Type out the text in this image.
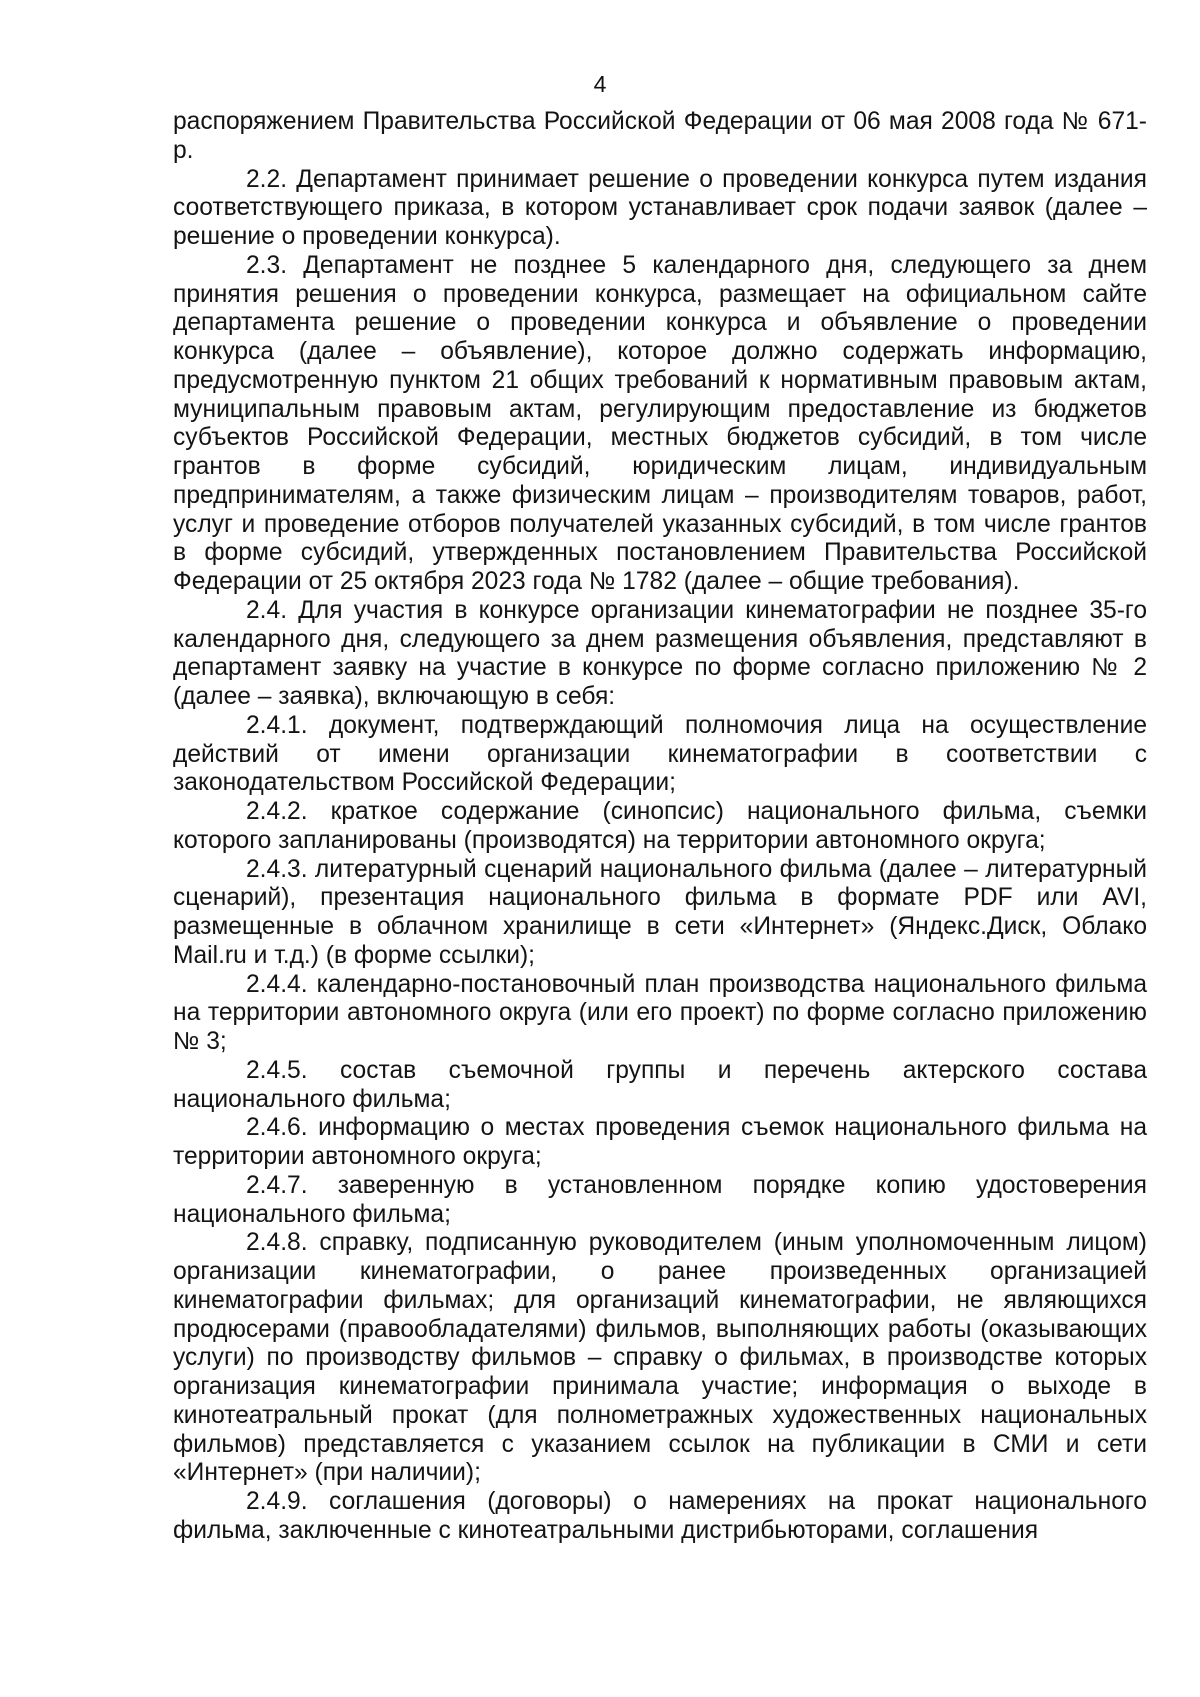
4

распоряжением Правительства Российской Федерации от 06 мая 2008 года № 671-р.

2.2. Департамент принимает решение о проведении конкурса путем издания соответствующего приказа, в котором устанавливает срок подачи заявок (далее – решение о проведении конкурса).

2.3. Департамент не позднее 5 календарного дня, следующего за днем принятия решения о проведении конкурса, размещает на официальном сайте департамента решение о проведении конкурса и объявление о проведении конкурса (далее – объявление), которое должно содержать информацию, предусмотренную пунктом 21 общих требований к нормативным правовым актам, муниципальным правовым актам, регулирующим предоставление из бюджетов субъектов Российской Федерации, местных бюджетов субсидий, в том числе грантов в форме субсидий, юридическим лицам, индивидуальным предпринимателям, а также физическим лицам – производителям товаров, работ, услуг и проведение отборов получателей указанных субсидий, в том числе грантов в форме субсидий, утвержденных постановлением Правительства Российской Федерации от 25 октября 2023 года № 1782 (далее – общие требования).

2.4. Для участия в конкурсе организации кинематографии не позднее 35-го календарного дня, следующего за днем размещения объявления, представляют в департамент заявку на участие в конкурсе по форме согласно приложению № 2 (далее – заявка), включающую в себя:

2.4.1. документ, подтверждающий полномочия лица на осуществление действий от имени организации кинематографии в соответствии с законодательством Российской Федерации;

2.4.2. краткое содержание (синопсис) национального фильма, съемки которого запланированы (производятся) на территории автономного округа;

2.4.3. литературный сценарий национального фильма (далее – литературный сценарий), презентация национального фильма в формате PDF или AVI, размещенные в облачном хранилище в сети «Интернет» (Яндекс.Диск, Облако Mail.ru и т.д.) (в форме ссылки);

2.4.4. календарно-постановочный план производства национального фильма на территории автономного округа (или его проект) по форме согласно приложению № 3;

2.4.5. состав съемочной группы и перечень актерского состава национального фильма;

2.4.6. информацию о местах проведения съемок национального фильма на территории автономного округа;

2.4.7. заверенную в установленном порядке копию удостоверения национального фильма;

2.4.8. справку, подписанную руководителем (иным уполномоченным лицом) организации кинематографии, о ранее произведенных организацией кинематографии фильмах; для организаций кинематографии, не являющихся продюсерами (правообладателями) фильмов, выполняющих работы (оказывающих услуги) по производству фильмов – справку о фильмах, в производстве которых организация кинематографии принимала участие; информация о выходе в кинотеатральный прокат (для полнометражных художественных национальных фильмов) представляется с указанием ссылок на публикации в СМИ и сети «Интернет» (при наличии);

2.4.9. соглашения (договоры) о намерениях на прокат национального фильма, заключенные с кинотеатральными дистрибьюторами, соглашения
